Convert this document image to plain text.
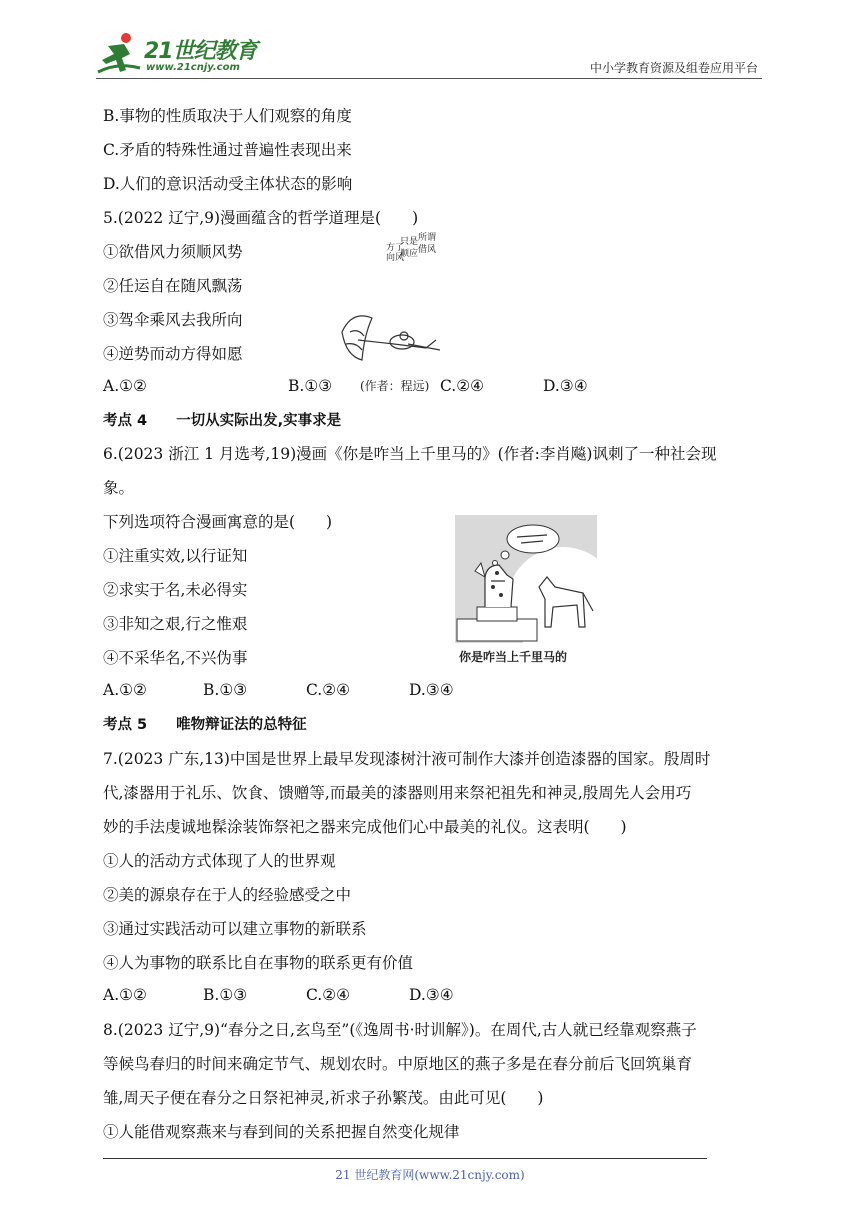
21世纪教育
www.21cnjy.com	中小学教育资源及组卷应用平台
B.事物的性质取决于人们观察的角度
C.矛盾的特殊性通过普遍性表现出来
D.人们的意识活动受主体状态的影响
5.(2022 辽宁,9)漫画蕴含的哲学道理是(　　)
①欲借风力须顺风势
②任运自在随风飘荡
③驾伞乘风去我所向
④逆势而动方得如愿
A.①②	B.①③	C.②④	D.③④
方了
向风
只是
顺应
所谓
借风
(作者：程远)
考点 4　　一切从实际出发,实事求是
6.(2023 浙江 1 月选考,19)漫画《你是咋当上千里马的》(作者:李肖飚)讽刺了一种社会现
象。
下列选项符合漫画寓意的是(　　)
①注重实效,以行证知
②求实于名,未必得实
③非知之艰,行之惟艰
④不采华名,不兴伪事
A.①②	B.①③	C.②④	D.③④
你是咋当上千里马的
考点 5　　唯物辩证法的总特征
7.(2023 广东,13)中国是世界上最早发现漆树汁液可制作大漆并创造漆器的国家。殷周时
代,漆器用于礼乐、饮食、馈赠等,而最美的漆器则用来祭祀祖先和神灵,殷周先人会用巧
妙的手法虔诚地髹涂装饰祭祀之器来完成他们心中最美的礼仪。这表明(　　)
①人的活动方式体现了人的世界观
②美的源泉存在于人的经验感受之中
③通过实践活动可以建立事物的新联系
④人为事物的联系比自在事物的联系更有价值
A.①②	B.①③	C.②④	D.③④
8.(2023 辽宁,9)“春分之日,玄鸟至”(《逸周书·时训解》)。在周代,古人就已经靠观察燕子
等候鸟春归的时间来确定节气、规划农时。中原地区的燕子多是在春分前后飞回筑巢育
雏,周天子便在春分之日祭祀神灵,祈求子孙繁茂。由此可见(　　)
①人能借观察燕来与春到间的关系把握自然变化规律
21 世纪教育网(www.21cnjy.com)
